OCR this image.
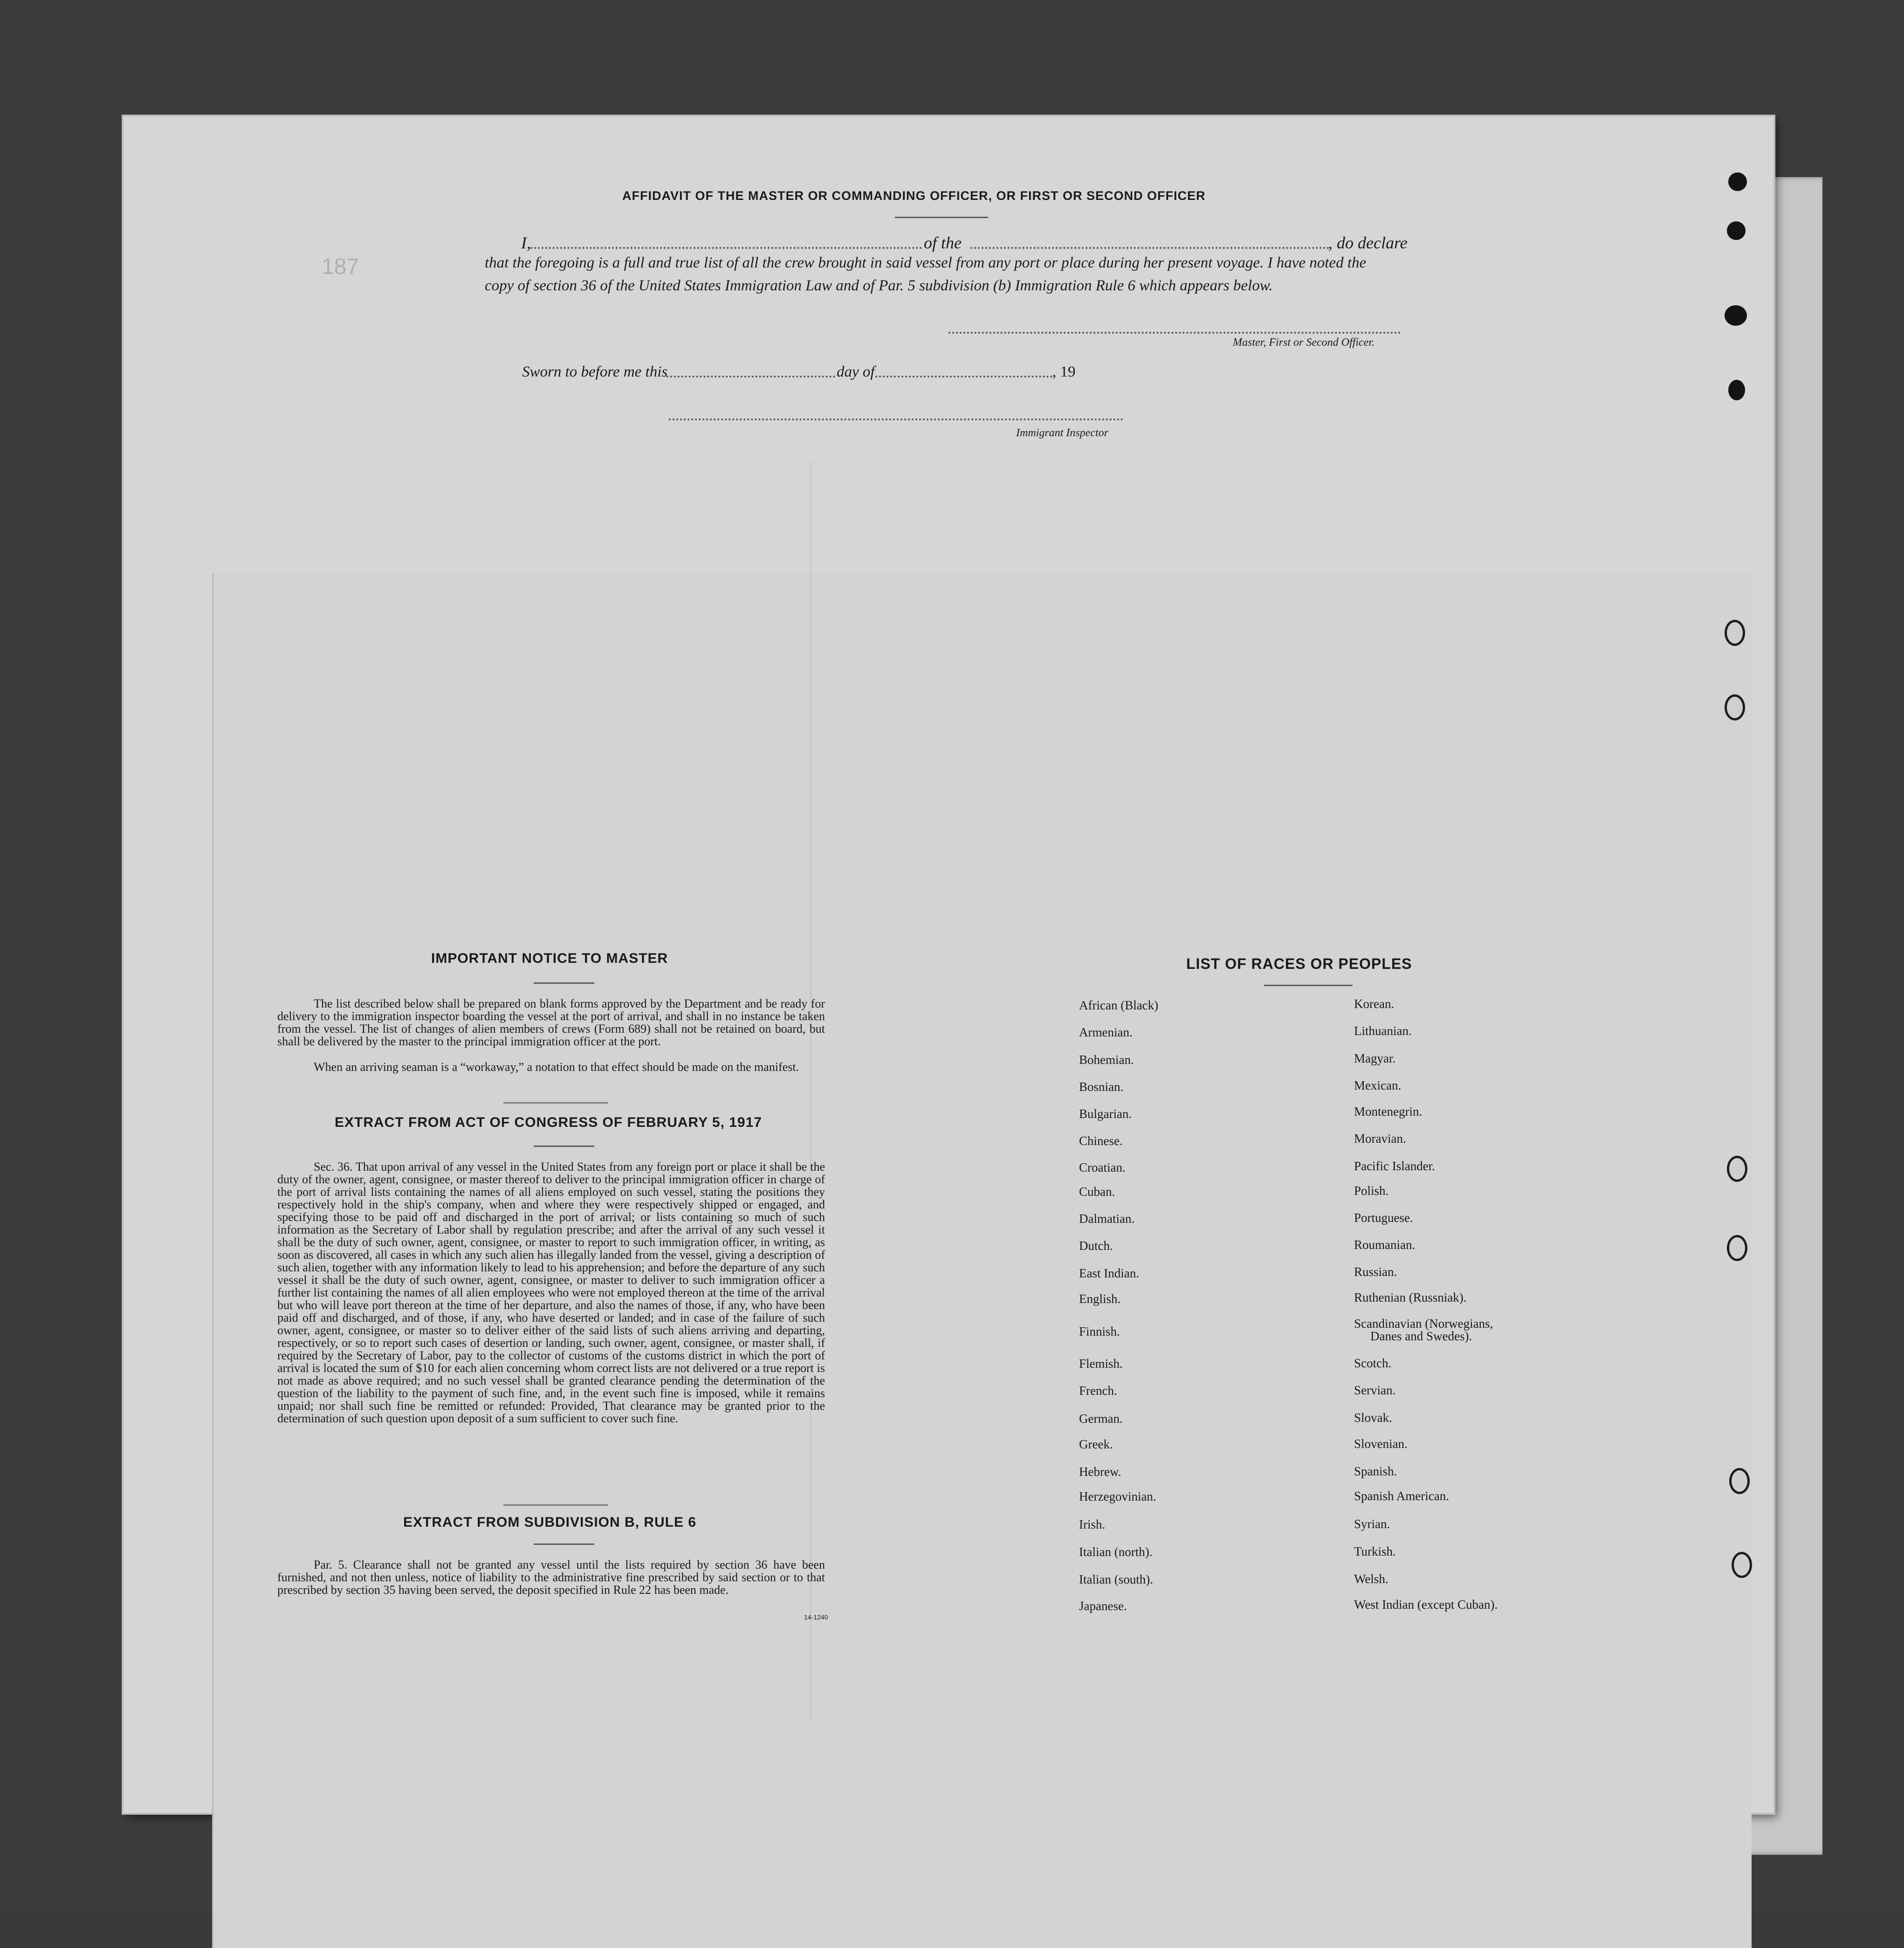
187
AFFIDAVIT OF THE MASTER OR COMMANDING OFFICER, OR FIRST OR SECOND OFFICER
I,	of the	, do declare
that the foregoing is a full and true list of all the crew brought in said vessel from any port or place during her present voyage. I have noted the
copy of section 36 of the United States Immigration Law and of Par. 5 subdivision (b) Immigration Rule 6 which appears below.
Master, First or Second Officer.
Sworn to before me this	day of	, 19
Immigrant Inspector
IMPORTANT NOTICE TO MASTER
The list described below shall be prepared on blank forms approved by the Department and be ready for delivery to the immigration inspector boarding the vessel at the port of arrival, and shall in no instance be taken from the vessel. The list of changes of alien members of crews (Form 689) shall not be retained on board, but shall be delivered by the master to the principal immigration officer at the port.
When an arriving seaman is a “workaway,” a notation to that effect should be made on the manifest.
EXTRACT FROM ACT OF CONGRESS OF FEBRUARY 5, 1917
Sec. 36. That upon arrival of any vessel in the United States from any foreign port or place it shall be the duty of the owner, agent, consignee, or master thereof to deliver to the principal immigration officer in charge of the port of arrival lists containing the names of all aliens employed on such vessel, stating the positions they respectively hold in the ship's company, when and where they were respectively shipped or engaged, and specifying those to be paid off and discharged in the port of arrival; or lists containing so much of such information as the Secretary of Labor shall by regulation prescribe; and after the arrival of any such vessel it shall be the duty of such owner, agent, consignee, or master to report to such immigration officer, in writing, as soon as discovered, all cases in which any such alien has illegally landed from the vessel, giving a description of such alien, together with any information likely to lead to his apprehension; and before the departure of any such vessel it shall be the duty of such owner, agent, consignee, or master to deliver to such immigration officer a further list containing the names of all alien employees who were not employed thereon at the time of the arrival but who will leave port thereon at the time of her departure, and also the names of those, if any, who have been paid off and discharged, and of those, if any, who have deserted or landed; and in case of the failure of such owner, agent, consignee, or master so to deliver either of the said lists of such aliens arriving and departing, respectively, or so to report such cases of desertion or landing, such owner, agent, consignee, or master shall, if required by the Secretary of Labor, pay to the collector of customs of the customs district in which the port of arrival is located the sum of $10 for each alien concerning whom correct lists are not delivered or a true report is not made as above required; and no such vessel shall be granted clearance pending the determination of the question of the liability to the payment of such fine, and, in the event such fine is imposed, while it remains unpaid; nor shall such fine be remitted or refunded: Provided, That clearance may be granted prior to the determination of such question upon deposit of a sum sufficient to cover such fine.
EXTRACT FROM SUBDIVISION B, RULE 6
Par. 5. Clearance shall not be granted any vessel until the lists required by section 36 have been furnished, and not then unless, notice of liability to the administrative fine prescribed by said section or to that prescribed by section 35 having been served, the deposit specified in Rule 22 has been made.
14-1240
LIST OF RACES OR PEOPLES
African (Black)
Armenian.
Bohemian.
Bosnian.
Bulgarian.
Chinese.
Croatian.
Cuban.
Dalmatian.
Dutch.
East Indian.
English.
Finnish.
Flemish.
French.
German.
Greek.
Hebrew.
Herzegovinian.
Irish.
Italian (north).
Italian (south).
Japanese.
Korean.
Lithuanian.
Magyar.
Mexican.
Montenegrin.
Moravian.
Pacific Islander.
Polish.
Portuguese.
Roumanian.
Russian.
Ruthenian (Russniak).
Scandinavian (Norwegians,
Danes and Swedes).
Scotch.
Servian.
Slovak.
Slovenian.
Spanish.
Spanish American.
Syrian.
Turkish.
Welsh.
West Indian (except Cuban).
